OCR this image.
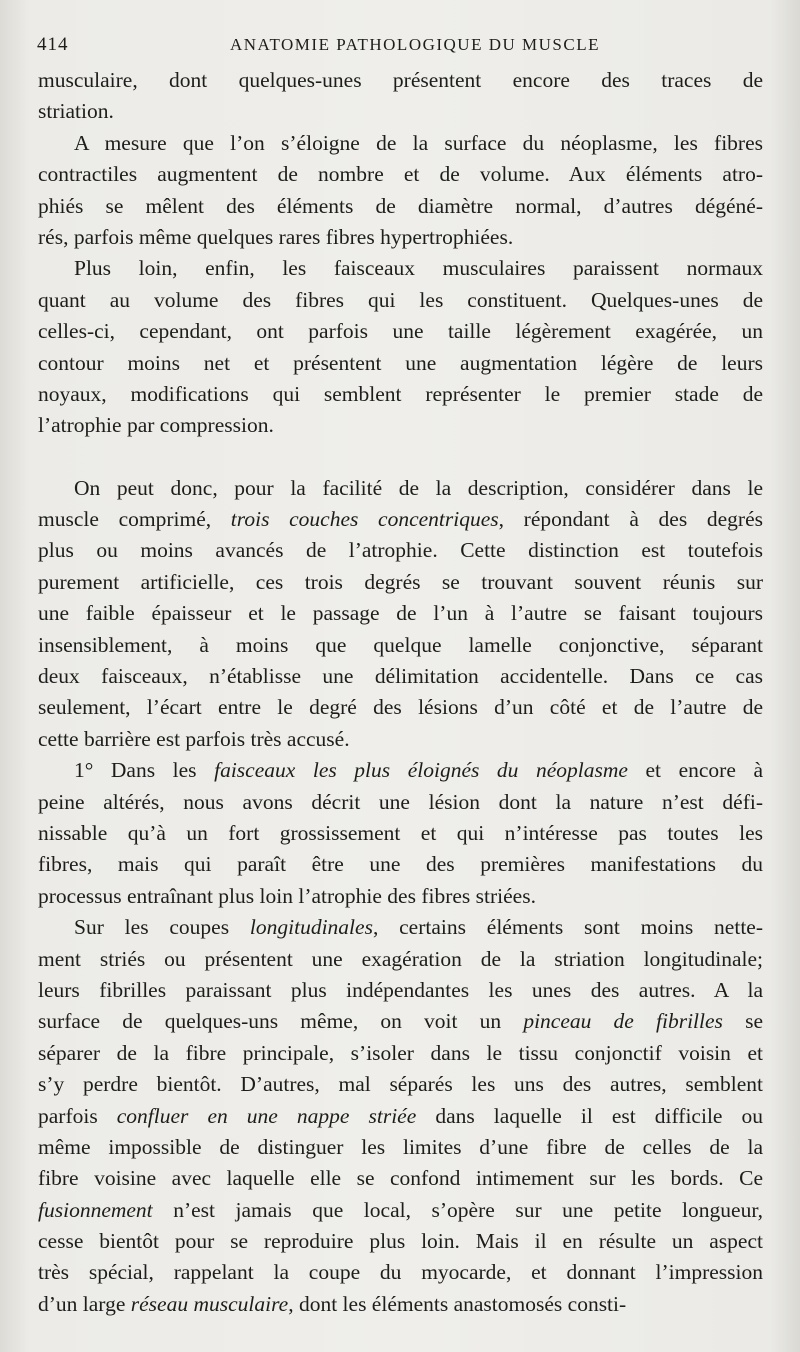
414	ANATOMIE PATHOLOGIQUE DU MUSCLE
musculaire, dont quelques-unes présentent encore des traces de
striation.
A mesure que l’on s’éloigne de la surface du néoplasme, les fibres
contractiles augmentent de nombre et de volume. Aux éléments atro-
phiés se mêlent des éléments de diamètre normal, d’autres dégéné-
rés, parfois même quelques rares fibres hypertrophiées.
Plus loin, enfin, les faisceaux musculaires paraissent normaux
quant au volume des fibres qui les constituent. Quelques-unes de
celles-ci, cependant, ont parfois une taille légèrement exagérée, un
contour moins net et présentent une augmentation légère de leurs
noyaux, modifications qui semblent représenter le premier stade de
l’atrophie par compression.
On peut donc, pour la facilité de la description, considérer dans le
muscle comprimé, trois couches concentriques, répondant à des degrés
plus ou moins avancés de l’atrophie. Cette distinction est toutefois
purement artificielle, ces trois degrés se trouvant souvent réunis sur
une faible épaisseur et le passage de l’un à l’autre se faisant toujours
insensiblement, à moins que quelque lamelle conjonctive, séparant
deux faisceaux, n’établisse une délimitation accidentelle. Dans ce cas
seulement, l’écart entre le degré des lésions d’un côté et de l’autre de
cette barrière est parfois très accusé.
1° Dans les faisceaux les plus éloignés du néoplasme et encore à
peine altérés, nous avons décrit une lésion dont la nature n’est défi-
nissable qu’à un fort grossissement et qui n’intéresse pas toutes les
fibres, mais qui paraît être une des premières manifestations du
processus entraînant plus loin l’atrophie des fibres striées.
Sur les coupes longitudinales, certains éléments sont moins nette-
ment striés ou présentent une exagération de la striation longitudinale;
leurs fibrilles paraissant plus indépendantes les unes des autres. A la
surface de quelques-uns même, on voit un pinceau de fibrilles se
séparer de la fibre principale, s’isoler dans le tissu conjonctif voisin et
s’y perdre bientôt. D’autres, mal séparés les uns des autres, semblent
parfois confluer en une nappe striée dans laquelle il est difficile ou
même impossible de distinguer les limites d’une fibre de celles de la
fibre voisine avec laquelle elle se confond intimement sur les bords. Ce
fusionnement n’est jamais que local, s’opère sur une petite longueur,
cesse bientôt pour se reproduire plus loin. Mais il en résulte un aspect
très spécial, rappelant la coupe du myocarde, et donnant l’impression
d’un large réseau musculaire, dont les éléments anastomosés consti-
